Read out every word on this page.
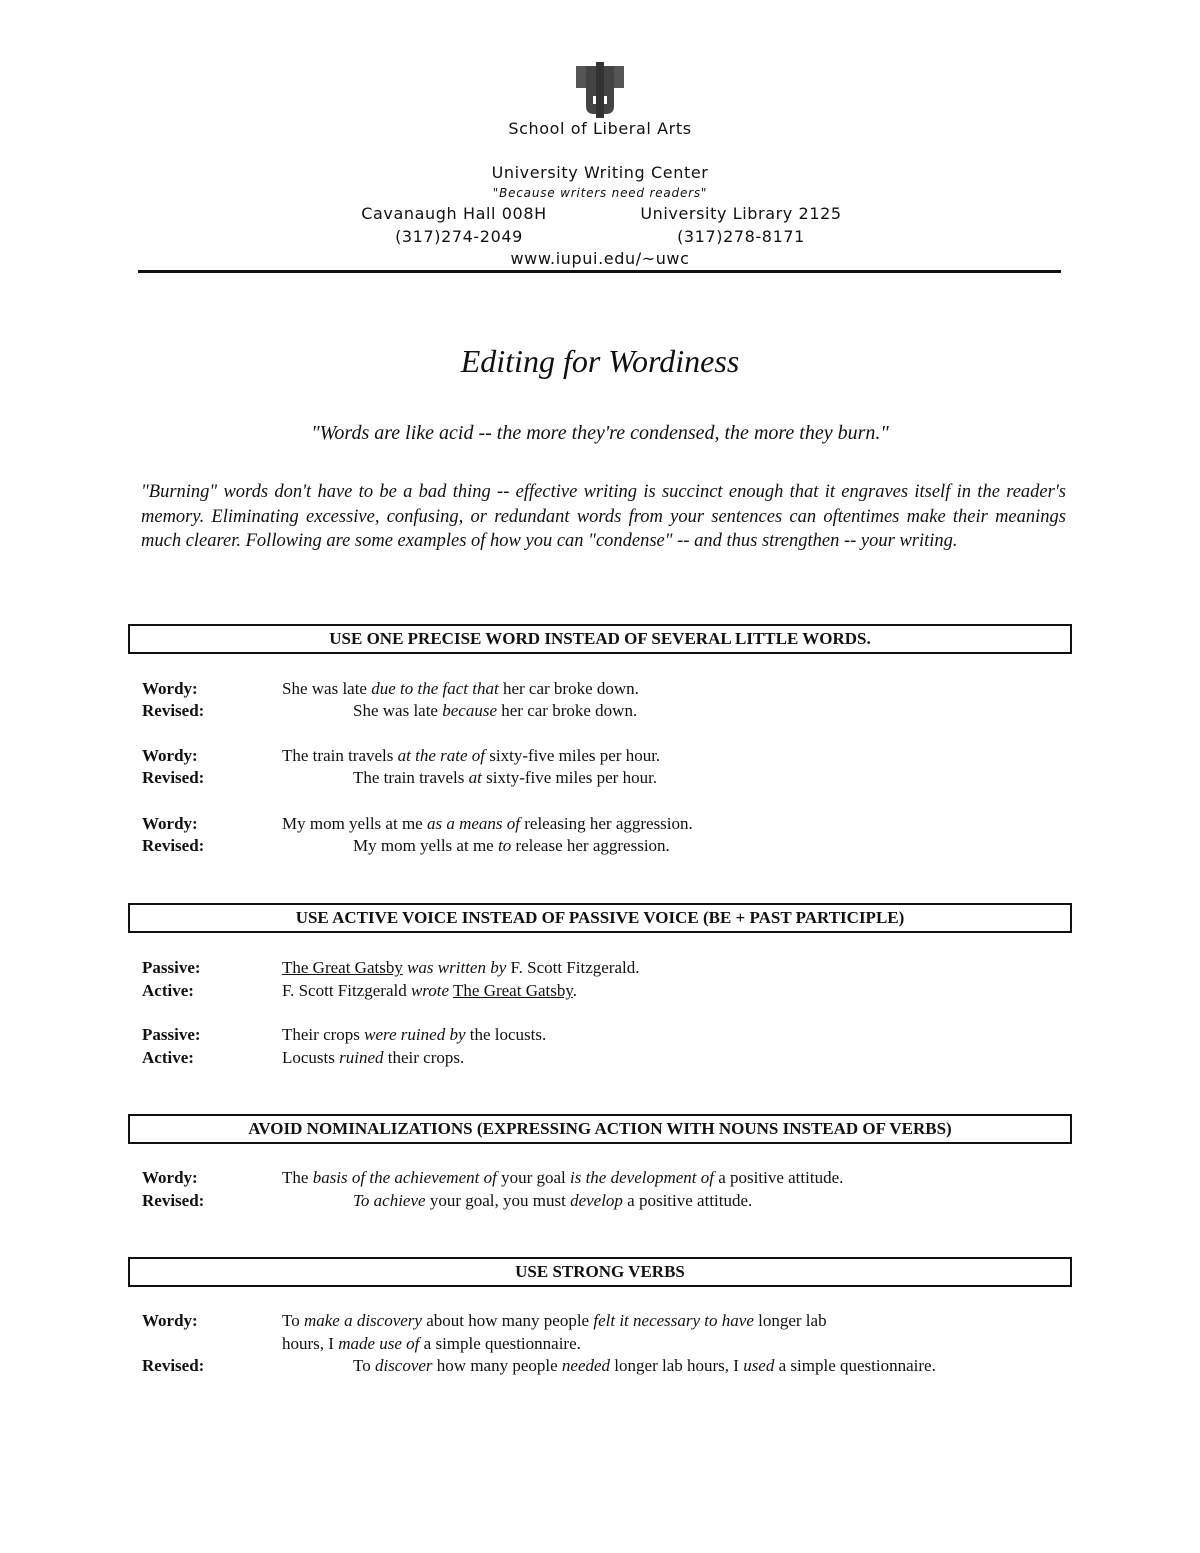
School of Liberal Arts
University Writing Center
"Because writers need readers"
Cavanaugh Hall 008H	University Library 2125
(317)274-2049	(317)278-8171
www.iupui.edu/~uwc
Editing for Wordiness
"Words are like acid -- the more they're condensed, the more they burn."
"Burning" words don't have to be a bad thing -- effective writing is succinct enough that it engraves itself in the reader's memory. Eliminating excessive, confusing, or redundant words from your sentences can oftentimes make their meanings much clearer. Following are some examples of how you can "condense" -- and thus strengthen -- your writing.
USE ONE PRECISE WORD INSTEAD OF SEVERAL LITTLE WORDS.
Wordy:	She was late due to the fact that her car broke down.
Revised:	She was late because her car broke down.
Wordy:	The train travels at the rate of sixty-five miles per hour.
Revised:	The train travels at sixty-five miles per hour.
Wordy:	My mom yells at me as a means of releasing her aggression.
Revised:	My mom yells at me to release her aggression.
USE ACTIVE VOICE INSTEAD OF PASSIVE VOICE (BE + PAST PARTICIPLE)
Passive:	The Great Gatsby was written by F. Scott Fitzgerald.
Active:	F. Scott Fitzgerald wrote The Great Gatsby.
Passive:	Their crops were ruined by the locusts.
Active:	Locusts ruined their crops.
AVOID NOMINALIZATIONS (EXPRESSING ACTION WITH NOUNS INSTEAD OF VERBS)
Wordy:	The basis of the achievement of your goal is the development of a positive attitude.
Revised:	To achieve your goal, you must develop a positive attitude.
USE STRONG VERBS
Wordy:	To make a discovery about how many people felt it necessary to have longer lab
hours, I made use of a simple questionnaire.
Revised:	To discover how many people needed longer lab hours, I used a simple questionnaire.
